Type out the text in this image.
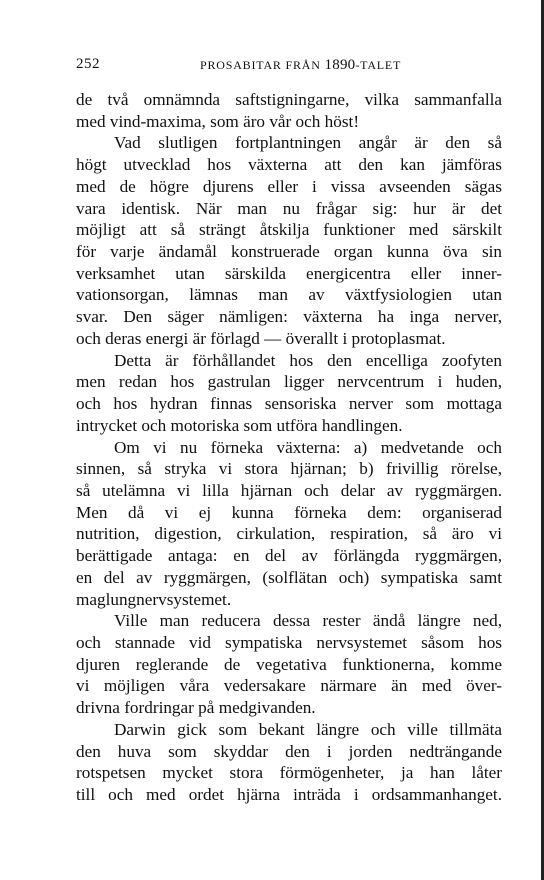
252	PROSABITAR FRÅN 1890-TALET
de två omnämnda saftstigningarne, vilka sammanfalla
med vind-maxima, som äro vår och höst!
Vad slutligen fortplantningen angår är den så
högt utvecklad hos växterna att den kan jämföras
med de högre djurens eller i vissa avseenden sägas
vara identisk. När man nu frågar sig: hur är det
möjligt att så strängt åtskilja funktioner med särskilt
för varje ändamål konstruerade organ kunna öva sin
verksamhet utan särskilda energicentra eller inner-
vationsorgan, lämnas man av växtfysiologien utan
svar. Den säger nämligen: växterna ha inga nerver,
och deras energi är förlagd — överallt i protoplasmat.
Detta är förhållandet hos den encelliga zoofyten
men redan hos gastrulan ligger nervcentrum i huden,
och hos hydran finnas sensoriska nerver som mottaga
intrycket och motoriska som utföra handlingen.
Om vi nu förneka växterna: a) medvetande och
sinnen, så stryka vi stora hjärnan; b) frivillig rörelse,
så utelämna vi lilla hjärnan och delar av ryggmärgen.
Men då vi ej kunna förneka dem: organiserad
nutrition, digestion, cirkulation, respiration, så äro vi
berättigade antaga: en del av förlängda ryggmärgen,
en del av ryggmärgen, (solflätan och) sympatiska samt
maglungnervsystemet.
Ville man reducera dessa rester ändå längre ned,
och stannade vid sympatiska nervsystemet såsom hos
djuren reglerande de vegetativa funktionerna, komme
vi möjligen våra vedersakare närmare än med över-
drivna fordringar på medgivanden.
Darwin gick som bekant längre och ville tillmäta
den huva som skyddar den i jorden nedträngande
rotspetsen mycket stora förmögenheter, ja han låter
till och med ordet hjärna inträda i ordsammanhanget.
